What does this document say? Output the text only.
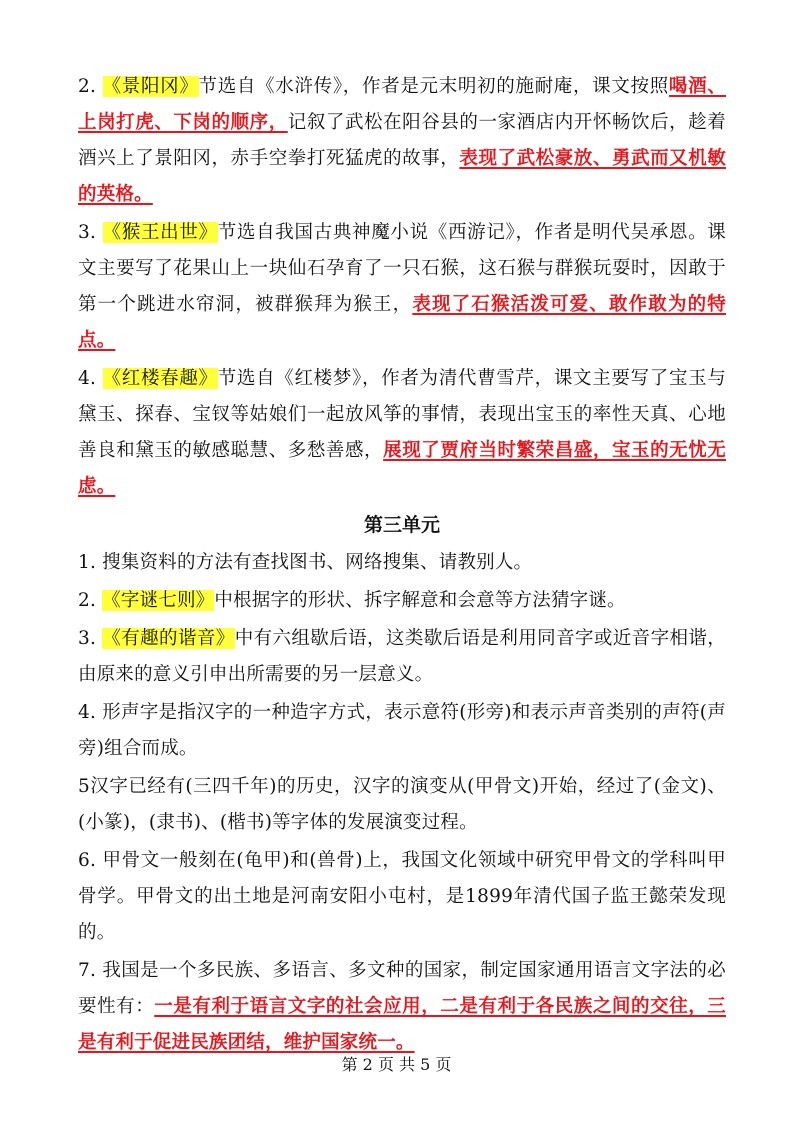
2. 《景阳冈》节选自《水浒传》，作者是元末明初的施耐庵，课文按照喝酒、上岗打虎、下岗的顺序，记叙了武松在阳谷县的一家酒店内开怀畅饮后，趁着酒兴上了景阳冈，赤手空拳打死猛虎的故事，表现了武松豪放、勇武而又机敏的英格。

3. 《猴王出世》节选自我国古典神魔小说《西游记》，作者是明代吴承恩。课文主要写了花果山上一块仙石孕育了一只石猴，这石猴与群猴玩耍时，因敢于第一个跳进水帘洞，被群猴拜为猴王，表现了石猴活泼可爱、敢作敢为的特点。

4. 《红楼春趣》节选自《红楼梦》，作者为清代曹雪芹，课文主要写了宝玉与黛玉、探春、宝钗等姑娘们一起放风筝的事情，表现出宝玉的率性天真、心地善良和黛玉的敏感聪慧、多愁善感，展现了贾府当时繁荣昌盛，宝玉的无忧无虑。

第三单元

1. 搜集资料的方法有查找图书、网络搜集、请教别人。

2. 《字谜七则》中根据字的形状、拆字解意和会意等方法猜字谜。

3. 《有趣的谐音》中有六组歇后语，这类歇后语是利用同音字或近音字相谐，由原来的意义引申出所需要的另一层意义。

4. 形声字是指汉字的一种造字方式，表示意符(形旁)和表示声音类别的声符(声旁)组合而成。

5汉字已经有(三四千年)的历史，汉字的演变从(甲骨文)开始，经过了(金文)、(小篆)，(隶书)、(楷书)等字体的发展演变过程。

6. 甲骨文一般刻在(龟甲)和(兽骨)上，我国文化领域中研究甲骨文的学科叫甲骨学。甲骨文的出土地是河南安阳小屯村，是1899年清代国子监王懿荣发现的。

7. 我国是一个多民族、多语言、多文种的国家，制定国家通用语言文字法的必要性有：一是有利于语言文字的社会应用，二是有利于各民族之间的交往，三是有利于促进民族团结，维护国家统一。

第 2 页 共 5 页
